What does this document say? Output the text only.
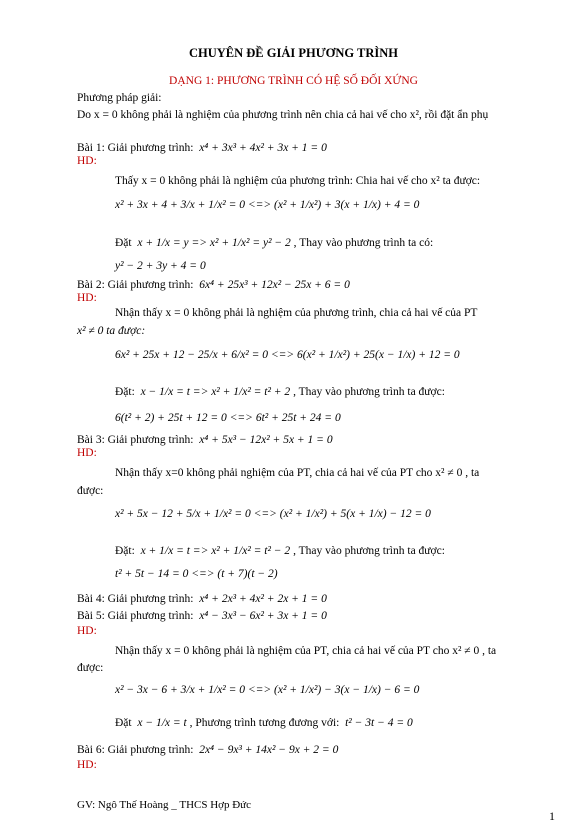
CHUYÊN ĐỀ GIẢI PHƯƠNG TRÌNH
DẠNG 1: PHƯƠNG TRÌNH CÓ HỆ SỐ ĐỐI XỨNG
Phương pháp giải:
Do x = 0 không phải là nghiệm của phương trình nên chia cả hai vế cho x², rồi đặt ẩn phụ
Bài 1: Giải phương trình: x⁴ + 3x³ + 4x² + 3x + 1 = 0
HD:
Thấy x = 0 không phải là nghiệm của phương trình: Chia hai vế cho x² ta được:
x² + 3x + 4 + 3/x + 1/x² = 0 <=> (x² + 1/x²) + 3(x + 1/x) + 4 = 0
Đặt x + 1/x = y => x² + 1/x² = y² − 2 , Thay vào phương trình ta có:
y² − 2 + 3y + 4 = 0
Bài 2: Giải phương trình: 6x⁴ + 25x³ + 12x² − 25x + 6 = 0
HD:
Nhận thấy x = 0 không phải là nghiệm của phương trình, chia cả hai vế của PT
x² ≠ 0 ta được:
6x² + 25x + 12 − 25/x + 6/x² = 0 <=> 6(x² + 1/x²) + 25(x − 1/x) + 12 = 0
Đặt: x − 1/x = t => x² + 1/x² = t² + 2 , Thay vào phương trình ta được:
6(t² + 2) + 25t + 12 = 0 <=> 6t² + 25t + 24 = 0
Bài 3: Giải phương trình: x⁴ + 5x³ − 12x² + 5x + 1 = 0
HD:
Nhận thấy x=0 không phải nghiệm của PT, chia cả hai vế của PT cho x² ≠ 0 , ta
được:
x² + 5x − 12 + 5/x + 1/x² = 0 <=> (x² + 1/x²) + 5(x + 1/x) − 12 = 0
Đặt: x + 1/x = t => x² + 1/x² = t² − 2 , Thay vào phương trình ta được:
t² + 5t − 14 = 0 <=> (t + 7)(t − 2)
Bài 4: Giải phương trình: x⁴ + 2x³ + 4x² + 2x + 1 = 0
Bài 5: Giải phương trình: x⁴ − 3x³ − 6x² + 3x + 1 = 0
HD:
Nhận thấy x = 0 không phải là nghiệm của PT, chia cả hai vế của PT cho x² ≠ 0 , ta
được:
x² − 3x − 6 + 3/x + 1/x² = 0 <=> (x² + 1/x²) − 3(x − 1/x) − 6 = 0
Đặt x − 1/x = t , Phương trình tương đương với: t² − 3t − 4 = 0
Bài 6: Giải phương trình: 2x⁴ − 9x³ + 14x² − 9x + 2 = 0
HD:
GV: Ngô Thế Hoàng _ THCS Hợp Đức
1
